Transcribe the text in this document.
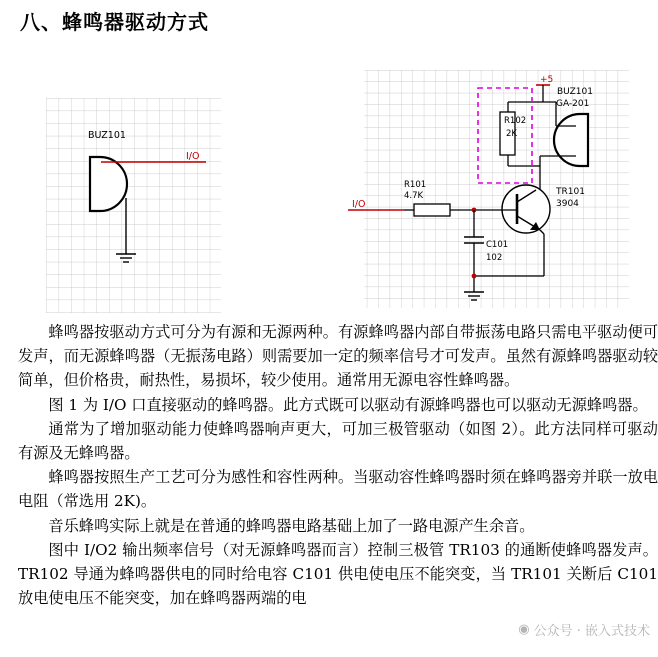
八、蜂鸣器驱动方式
BUZ101
I/O
+5
R102
2K
BUZ101
GA-201
TR101
3904
I/O
R101
4.7K
C101
102

蜂鸣器按驱动方式可分为有源和无源两种。有源蜂鸣器内部自带振荡电路只需电平驱动便可发声，而无源蜂鸣器（无振荡电路）则需要加一定的频率信号才可发声。虽然有源蜂鸣器驱动较简单，但价格贵，耐热性，易损坏，较少使用。通常用无源电容性蜂鸣器。

图 1 为 I/O 口直接驱动的蜂鸣器。此方式既可以驱动有源蜂鸣器也可以驱动无源蜂鸣器。

通常为了增加驱动能力使蜂鸣器响声更大，可加三极管驱动（如图 2）。此方法同样可驱动有源及无蜂鸣器。

蜂鸣器按照生产工艺可分为感性和容性两种。当驱动容性蜂鸣器时须在蜂鸣器旁并联一放电电阻（常选用 2K)。

音乐蜂鸣实际上就是在普通的蜂鸣器电路基础上加了一路电源产生余音。

图中 I/O2 输出频率信号（对无源蜂鸣器而言）控制三极管 TR103 的通断使蜂鸣器发声。TR102 导通为蜂鸣器供电的同时给电容 C101 供电使电压不能突变，当 TR101 关断后 C101 放电使电压不能突变，加在蜂鸣器两端的电

◉ 公众号 · 嵌入式技术
